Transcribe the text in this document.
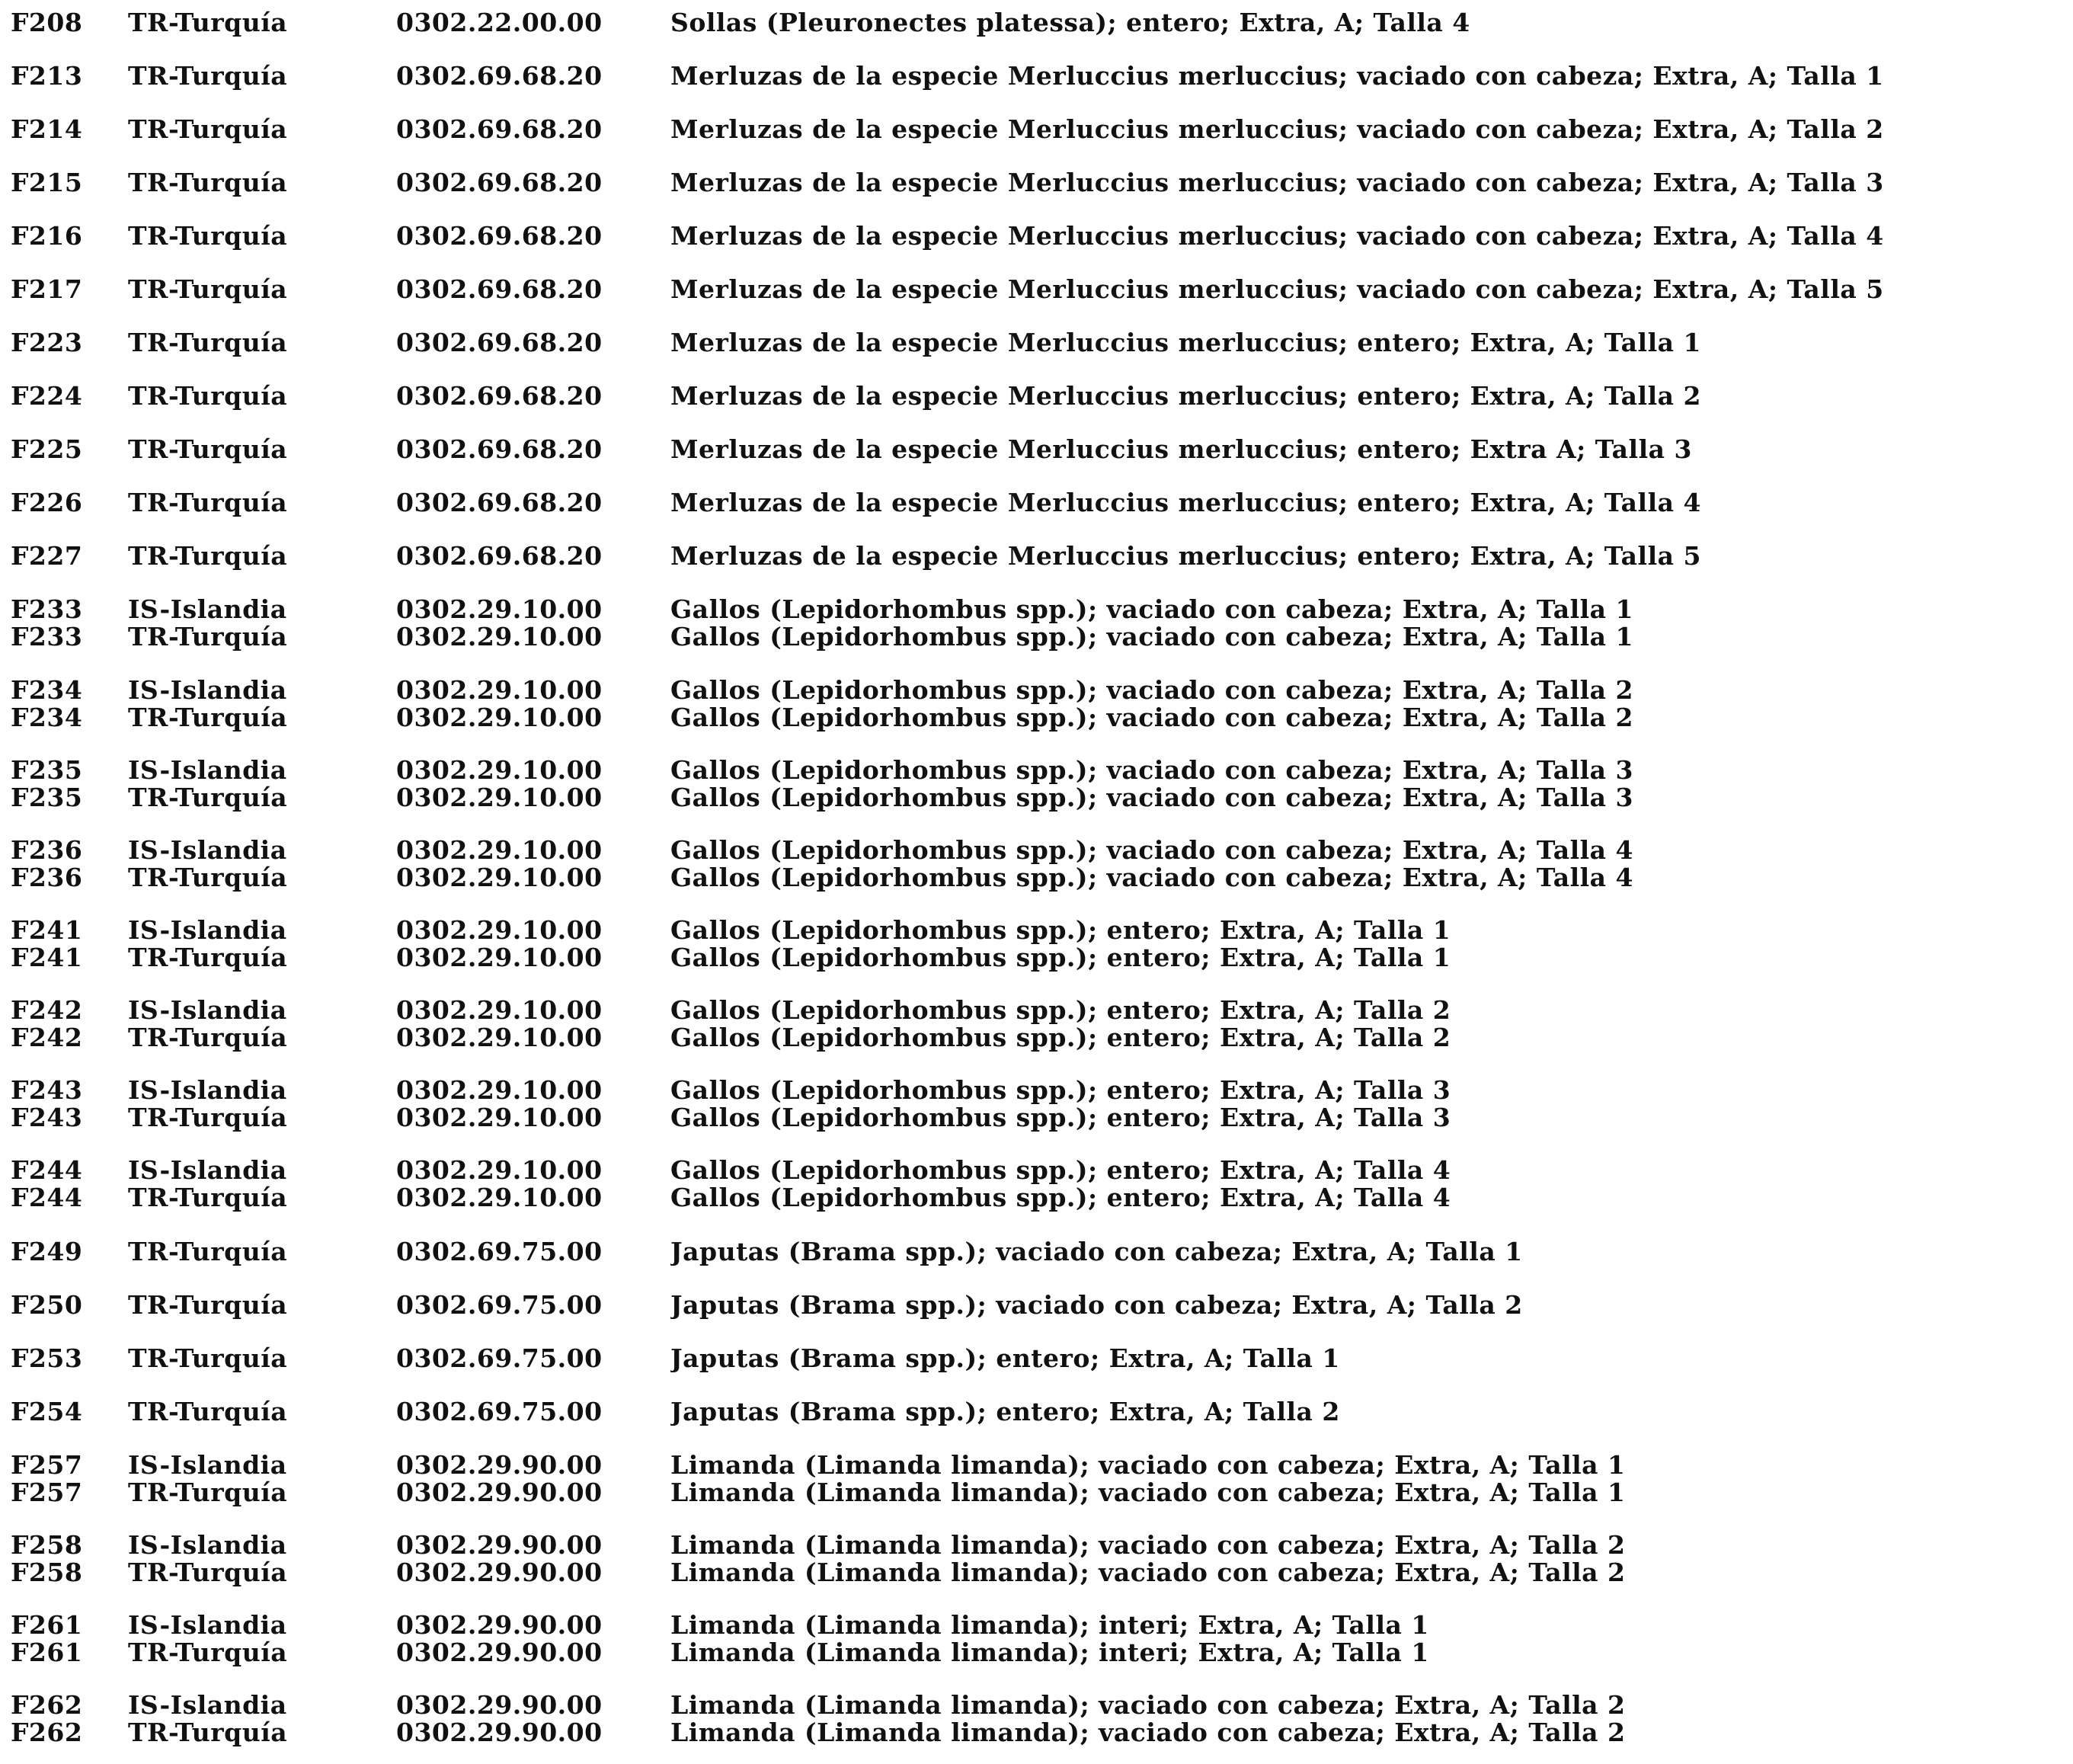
F208	TR-Turquía	0302.22.00.00	Sollas (Pleuronectes platessa); entero; Extra, A; Talla 4
F213	TR-Turquía	0302.69.68.20	Merluzas de la especie Merluccius merluccius; vaciado con cabeza; Extra, A; Talla 1
F214	TR-Turquía	0302.69.68.20	Merluzas de la especie Merluccius merluccius; vaciado con cabeza; Extra, A; Talla 2
F215	TR-Turquía	0302.69.68.20	Merluzas de la especie Merluccius merluccius; vaciado con cabeza; Extra, A; Talla 3
F216	TR-Turquía	0302.69.68.20	Merluzas de la especie Merluccius merluccius; vaciado con cabeza; Extra, A; Talla 4
F217	TR-Turquía	0302.69.68.20	Merluzas de la especie Merluccius merluccius; vaciado con cabeza; Extra, A; Talla 5
F223	TR-Turquía	0302.69.68.20	Merluzas de la especie Merluccius merluccius; entero; Extra, A; Talla 1
F224	TR-Turquía	0302.69.68.20	Merluzas de la especie Merluccius merluccius; entero; Extra, A; Talla 2
F225	TR-Turquía	0302.69.68.20	Merluzas de la especie Merluccius merluccius; entero; Extra A; Talla 3
F226	TR-Turquía	0302.69.68.20	Merluzas de la especie Merluccius merluccius; entero; Extra, A; Talla 4
F227	TR-Turquía	0302.69.68.20	Merluzas de la especie Merluccius merluccius; entero; Extra, A; Talla 5
F233	IS-Islandia	0302.29.10.00	Gallos (Lepidorhombus spp.); vaciado con cabeza; Extra, A; Talla 1
F233	TR-Turquía	0302.29.10.00	Gallos (Lepidorhombus spp.); vaciado con cabeza; Extra, A; Talla 1
F234	IS-Islandia	0302.29.10.00	Gallos (Lepidorhombus spp.); vaciado con cabeza; Extra, A; Talla 2
F234	TR-Turquía	0302.29.10.00	Gallos (Lepidorhombus spp.); vaciado con cabeza; Extra, A; Talla 2
F235	IS-Islandia	0302.29.10.00	Gallos (Lepidorhombus spp.); vaciado con cabeza; Extra, A; Talla 3
F235	TR-Turquía	0302.29.10.00	Gallos (Lepidorhombus spp.); vaciado con cabeza; Extra, A; Talla 3
F236	IS-Islandia	0302.29.10.00	Gallos (Lepidorhombus spp.); vaciado con cabeza; Extra, A; Talla 4
F236	TR-Turquía	0302.29.10.00	Gallos (Lepidorhombus spp.); vaciado con cabeza; Extra, A; Talla 4
F241	IS-Islandia	0302.29.10.00	Gallos (Lepidorhombus spp.); entero; Extra, A; Talla 1
F241	TR-Turquía	0302.29.10.00	Gallos (Lepidorhombus spp.); entero; Extra, A; Talla 1
F242	IS-Islandia	0302.29.10.00	Gallos (Lepidorhombus spp.); entero; Extra, A; Talla 2
F242	TR-Turquía	0302.29.10.00	Gallos (Lepidorhombus spp.); entero; Extra, A; Talla 2
F243	IS-Islandia	0302.29.10.00	Gallos (Lepidorhombus spp.); entero; Extra, A; Talla 3
F243	TR-Turquía	0302.29.10.00	Gallos (Lepidorhombus spp.); entero; Extra, A; Talla 3
F244	IS-Islandia	0302.29.10.00	Gallos (Lepidorhombus spp.); entero; Extra, A; Talla 4
F244	TR-Turquía	0302.29.10.00	Gallos (Lepidorhombus spp.); entero; Extra, A; Talla 4
F249	TR-Turquía	0302.69.75.00	Japutas (Brama spp.); vaciado con cabeza; Extra, A; Talla 1
F250	TR-Turquía	0302.69.75.00	Japutas (Brama spp.); vaciado con cabeza; Extra, A; Talla 2
F253	TR-Turquía	0302.69.75.00	Japutas (Brama spp.); entero; Extra, A; Talla 1
F254	TR-Turquía	0302.69.75.00	Japutas (Brama spp.); entero; Extra, A; Talla 2
F257	IS-Islandia	0302.29.90.00	Limanda (Limanda limanda); vaciado con cabeza; Extra, A; Talla 1
F257	TR-Turquía	0302.29.90.00	Limanda (Limanda limanda); vaciado con cabeza; Extra, A; Talla 1
F258	IS-Islandia	0302.29.90.00	Limanda (Limanda limanda); vaciado con cabeza; Extra, A; Talla 2
F258	TR-Turquía	0302.29.90.00	Limanda (Limanda limanda); vaciado con cabeza; Extra, A; Talla 2
F261	IS-Islandia	0302.29.90.00	Limanda (Limanda limanda); interi; Extra, A; Talla 1
F261	TR-Turquía	0302.29.90.00	Limanda (Limanda limanda); interi; Extra, A; Talla 1
F262	IS-Islandia	0302.29.90.00	Limanda (Limanda limanda); vaciado con cabeza; Extra, A; Talla 2
F262	TR-Turquía	0302.29.90.00	Limanda (Limanda limanda); vaciado con cabeza; Extra, A; Talla 2
